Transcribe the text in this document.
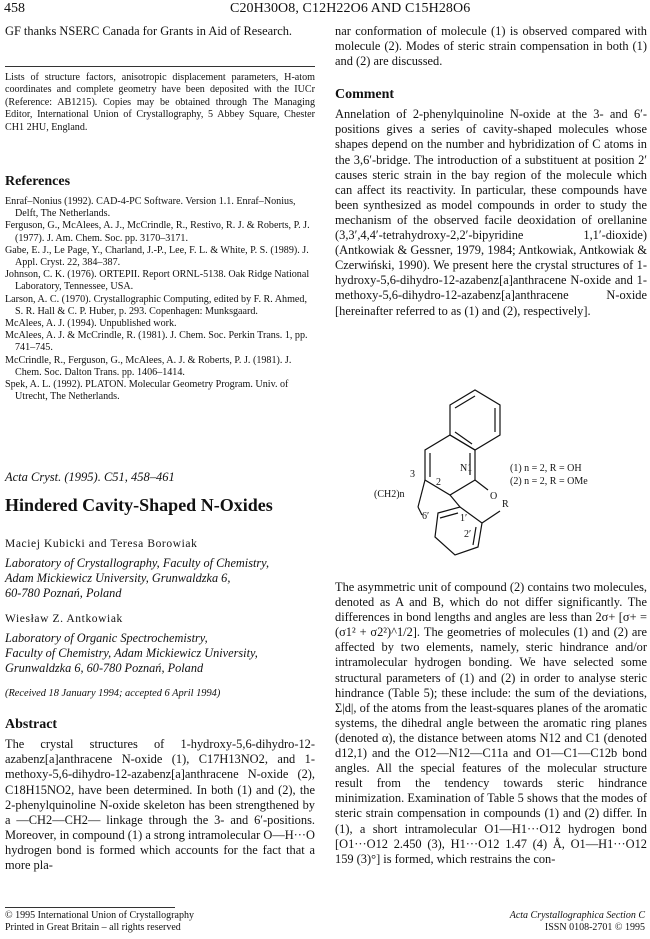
458	C20H30O8, C12H22O6 AND C15H28O6

GF thanks NSERC Canada for Grants in Aid of Research.

Lists of structure factors, anisotropic displacement parameters, H-atom coordinates and complete geometry have been deposited with the IUCr (Reference: AB1215). Copies may be obtained through The Managing Editor, International Union of Crystallography, 5 Abbey Square, Chester CH1 2HU, England.

References

Enraf–Nonius (1992). CAD-4-PC Software. Version 1.1. Enraf–Nonius, Delft, The Netherlands.

Ferguson, G., McAlees, A. J., McCrindle, R., Restivo, R. J. & Roberts, P. J. (1977). J. Am. Chem. Soc. pp. 3170–3171.

Gabe, E. J., Le Page, Y., Charland, J.-P., Lee, F. L. & White, P. S. (1989). J. Appl. Cryst. 22, 384–387.

Johnson, C. K. (1976). ORTEPII. Report ORNL-5138. Oak Ridge National Laboratory, Tennessee, USA.

Larson, A. C. (1970). Crystallographic Computing, edited by F. R. Ahmed, S. R. Hall & C. P. Huber, p. 293. Copenhagen: Munksgaard.

McAlees, A. J. (1994). Unpublished work.

McAlees, A. J. & McCrindle, R. (1981). J. Chem. Soc. Perkin Trans. 1, pp. 741–745.

McCrindle, R., Ferguson, G., McAlees, A. J. & Roberts, P. J. (1981). J. Chem. Soc. Dalton Trans. pp. 1406–1414.

Spek, A. L. (1992). PLATON. Molecular Geometry Program. Univ. of Utrecht, The Netherlands.

Acta Cryst. (1995). C51, 458–461
Hindered Cavity-Shaped N-Oxides
Maciej Kubicki and Teresa Borowiak
Laboratory of Crystallography, Faculty of Chemistry,
Adam Mickiewicz University, Grunwaldzka 6,
60-780 Poznań, Poland
Wiesław Z. Antkowiak
Laboratory of Organic Spectrochemistry,
Faculty of Chemistry, Adam Mickiewicz University,
Grunwaldzka 6, 60-780 Poznań, Poland
(Received 18 January 1994; accepted 6 April 1994)
Abstract

The crystal structures of 1-hydroxy-5,6-dihydro-12-azabenz[a]anthracene N-oxide (1), C17H13NO2, and 1-methoxy-5,6-dihydro-12-azabenz[a]anthracene N-oxide (2), C18H15NO2, have been determined. In both (1) and (2), the 2-phenylquinoline N-oxide skeleton has been strengthened by a —CH2—CH2— linkage through the 3- and 6′-positions. Moreover, in compound (1) a strong intramolecular O—H···O hydrogen bond is formed which accounts for the fact that a more pla-

nar conformation of molecule (1) is observed compared with molecule (2). Modes of steric strain compensation in both (1) and (2) are discussed.

Comment

Annelation of 2-phenylquinoline N-oxide at the 3- and 6′-positions gives a series of cavity-shaped molecules whose shapes depend on the number and hybridization of C atoms in the 3,6′-bridge. The introduction of a substituent at position 2′ causes steric strain in the bay region of the molecule which can affect its reactivity. In particular, these compounds have been synthesized as model compounds in order to study the mechanism of the observed facile deoxidation of orellanine (3,3′,4,4′-tetrahydroxy-2,2′-bipyridine 1,1′-dioxide) (Antkowiak & Gessner, 1979, 1984; Antkowiak, Antkowiak & Czerwiński, 1990). We present here the crystal structures of 1-hydroxy-5,6-dihydro-12-azabenz[a]anthracene N-oxide and 1-methoxy-5,6-dihydro-12-azabenz[a]anthracene N-oxide [hereinafter referred to as (1) and (2), respectively].

N1
O
3
2
(CH2)n
6′	1′
2′
R
(1) n = 2, R = OH
(2) n = 2, R = OMe

The asymmetric unit of compound (2) contains two molecules, denoted as A and B, which do not differ significantly. The differences in bond lengths and angles are less than 2σ+ [σ+ = (σ1² + σ2²)^1/2]. The geometries of molecules (1) and (2) are affected by two elements, namely, steric hindrance and/or intramolecular hydrogen bonding. We have selected some structural parameters of (1) and (2) in order to analyse steric hindrance (Table 5); these include: the sum of the deviations, Σ|d|, of the atoms from the least-squares planes of the aromatic systems, the dihedral angle between the aromatic ring planes (denoted α), the distance between atoms N12 and C1 (denoted d12,1) and the O12—N12—C11a and O1—C1—C12b bond angles. All the special features of the molecular structure result from the tendency towards steric hindrance minimization. Examination of Table 5 shows that the modes of steric strain compensation in compounds (1) and (2) differ. In (1), a short intramolecular O1—H1···O12 hydrogen bond [O1···O12 2.450 (3), H1···O12 1.47 (4) Å, O1—H1···O12 159 (3)°] is formed, which restrains the con-

© 1995 International Union of Crystallography
Printed in Great Britain – all rights reserved
Acta Crystallographica Section C
ISSN 0108-2701 © 1995
